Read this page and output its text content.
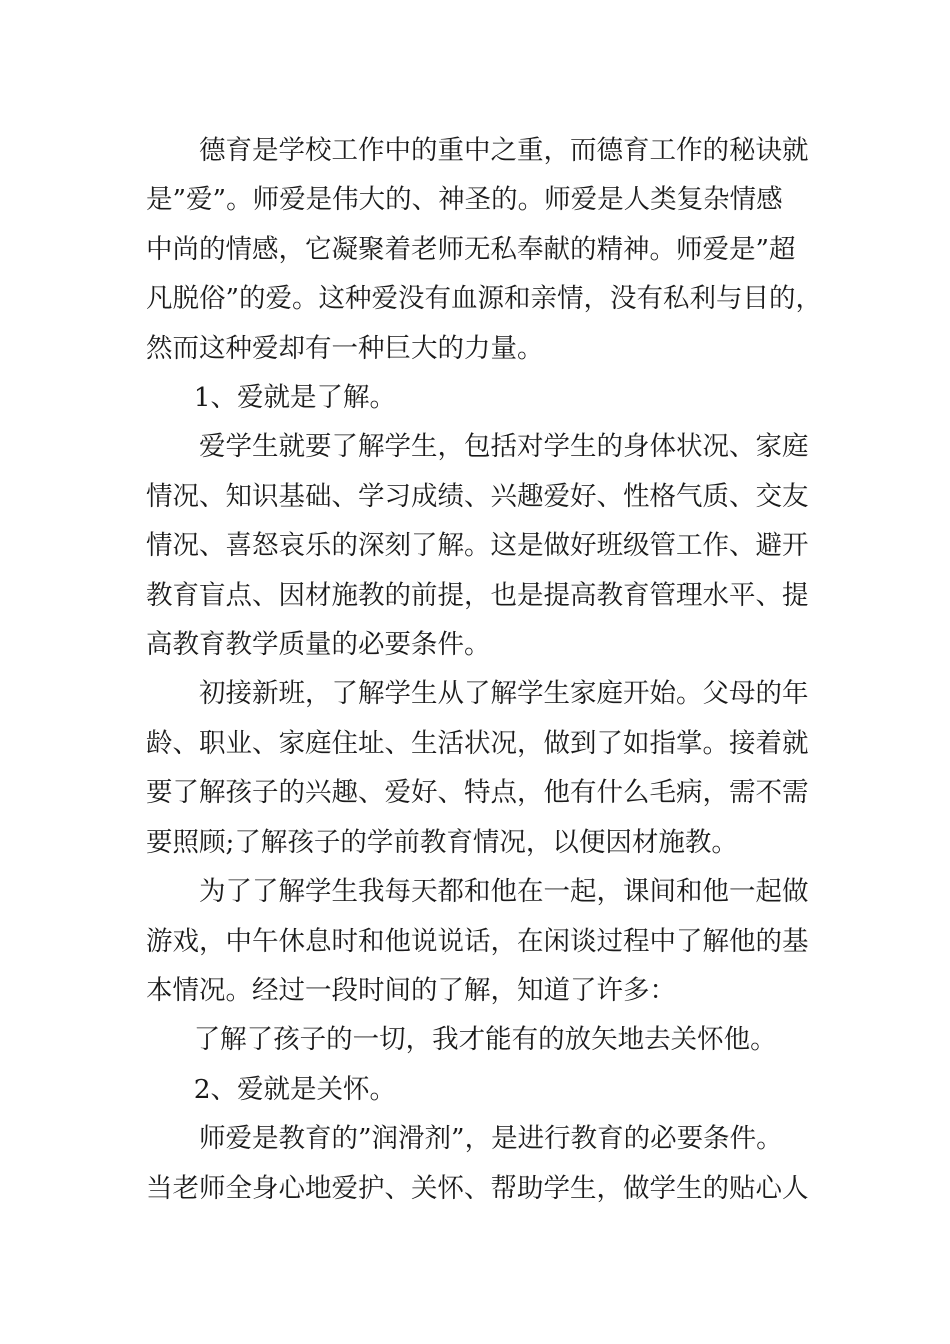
德育是学校工作中的重中之重，而德育工作的秘诀就
是”爱”。师爱是伟大的、神圣的。师爱是人类复杂情感
中尚的情感，它凝聚着老师无私奉献的精神。师爱是”超
凡脱俗”的爱。这种爱没有血源和亲情，没有私利与目的，
然而这种爱却有一种巨大的力量。

1、爱就是了解。

爱学生就要了解学生，包括对学生的身体状况、家庭
情况、知识基础、学习成绩、兴趣爱好、性格气质、交友
情况、喜怒哀乐的深刻了解。这是做好班级管工作、避开
教育盲点、因材施教的前提，也是提高教育管理水平、提
高教育教学质量的必要条件。

初接新班，了解学生从了解学生家庭开始。父母的年
龄、职业、家庭住址、生活状况，做到了如指掌。接着就
要了解孩子的兴趣、爱好、特点，他有什么毛病，需不需
要照顾;了解孩子的学前教育情况，以便因材施教。

为了了解学生我每天都和他在一起，课间和他一起做
游戏，中午休息时和他说说话，在闲谈过程中了解他的基
本情况。经过一段时间的了解，知道了许多：

了解了孩子的一切，我才能有的放矢地去关怀他。

2、爱就是关怀。

师爱是教育的”润滑剂”，是进行教育的必要条件。
当老师全身心地爱护、关怀、帮助学生，做学生的贴心人
